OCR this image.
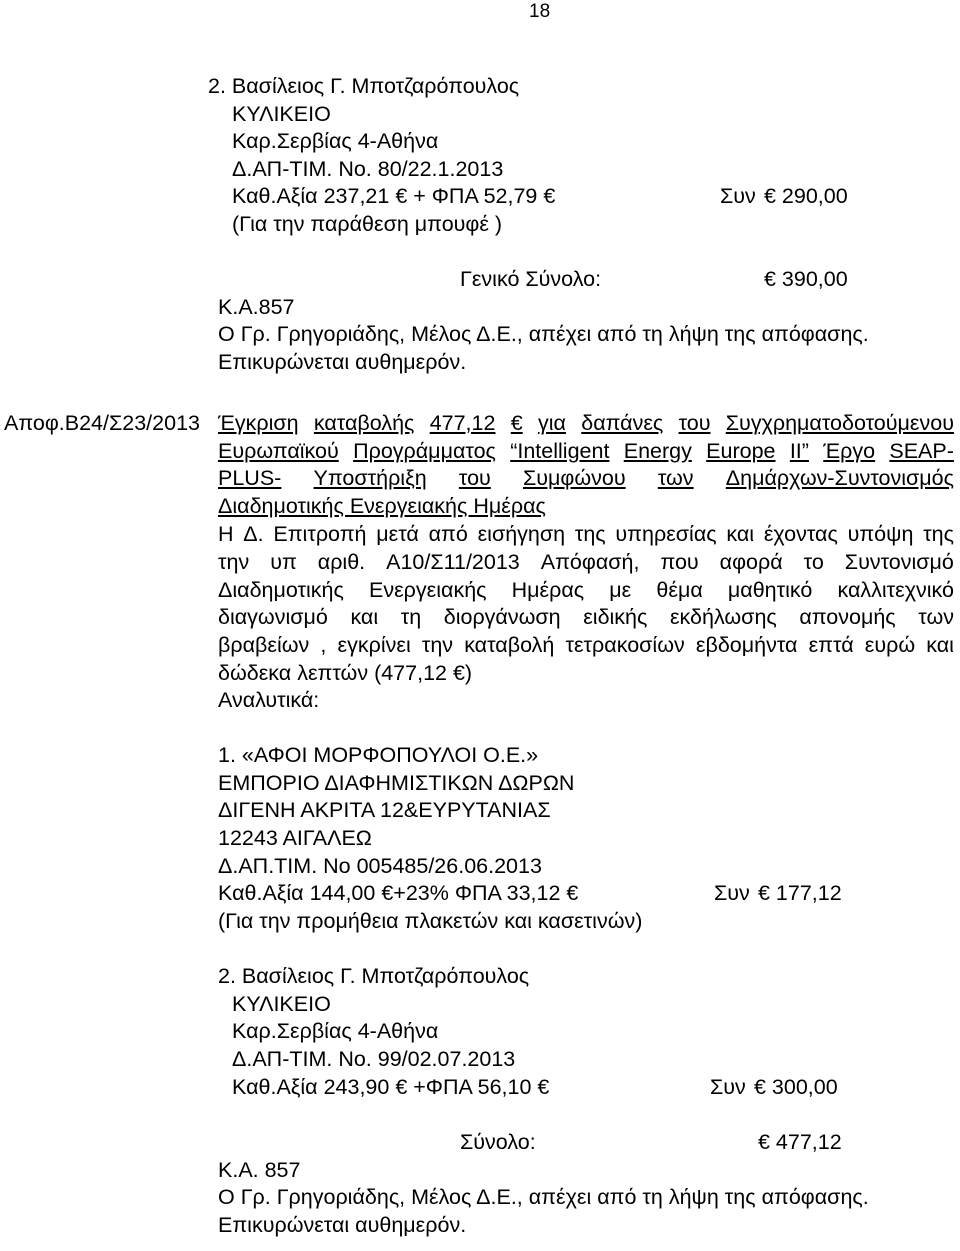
18
2. Βασίλειος Γ. Μποτζαρόπουλος
ΚΥΛΙΚΕΙΟ
Καρ.Σερβίας 4-Αθήνα
Δ.ΑΠ-ΤΙΜ. Νο. 80/22.1.2013
Καθ.Αξία 237,21 € + ΦΠΑ 52,79 €	Συν € 290,00
(Για την παράθεση μπουφέ )
Γενικό Σύνολο:	€ 390,00
Κ.Α.857
Ο Γρ. Γρηγοριάδης, Μέλος Δ.Ε., απέχει από τη λήψη της απόφασης.
Επικυρώνεται αυθημερόν.
Αποφ.Β24/Σ23/2013 Έγκριση καταβολής 477,12 € για δαπάνες του Συγχρηματοδοτούμενου
Ευρωπαϊκού Προγράμματος “Intelligent Energy Europe II” Έργο SEAP-
PLUS- Υποστήριξη του Συμφώνου των Δημάρχων-Συντονισμός
Διαδημοτικής Ενεργειακής Ημέρας
Η Δ. Επιτροπή μετά από εισήγηση της υπηρεσίας και έχοντας υπόψη της
την υπ αριθ. Α10/Σ11/2013 Απόφασή, που αφορά το Συντονισμό
Διαδημοτικής Ενεργειακής Ημέρας με θέμα μαθητικό καλλιτεχνικό
διαγωνισμό και τη διοργάνωση ειδικής εκδήλωσης απονομής των
βραβείων , εγκρίνει την καταβολή τετρακοσίων εβδομήντα επτά ευρώ και
δώδεκα λεπτών (477,12 €)
Αναλυτικά:
1. «ΑΦΟΙ ΜΟΡΦΟΠΟΥΛΟΙ Ο.Ε.»
ΕΜΠΟΡΙΟ ΔΙΑΦΗΜΙΣΤΙΚΩΝ ΔΩΡΩΝ
ΔΙΓΕΝΗ ΑΚΡΙΤΑ 12&ΕΥΡΥΤΑΝΙΑΣ
12243 ΑΙΓΑΛΕΩ
Δ.ΑΠ.ΤΙΜ. Νο 005485/26.06.2013
Καθ.Αξία 144,00 €+23% ΦΠΑ 33,12 €	Συν € 177,12
(Για την προμήθεια πλακετών και κασετινών)
2. Βασίλειος Γ. Μποτζαρόπουλος
ΚΥΛΙΚΕΙΟ
Καρ.Σερβίας 4-Αθήνα
Δ.ΑΠ-ΤΙΜ. Νο. 99/02.07.2013
Καθ.Αξία 243,90 € +ΦΠΑ 56,10 €	Συν € 300,00
Σύνολο:	€ 477,12
Κ.Α. 857
Ο Γρ. Γρηγοριάδης, Μέλος Δ.Ε., απέχει από τη λήψη της απόφασης.
Επικυρώνεται αυθημερόν.
